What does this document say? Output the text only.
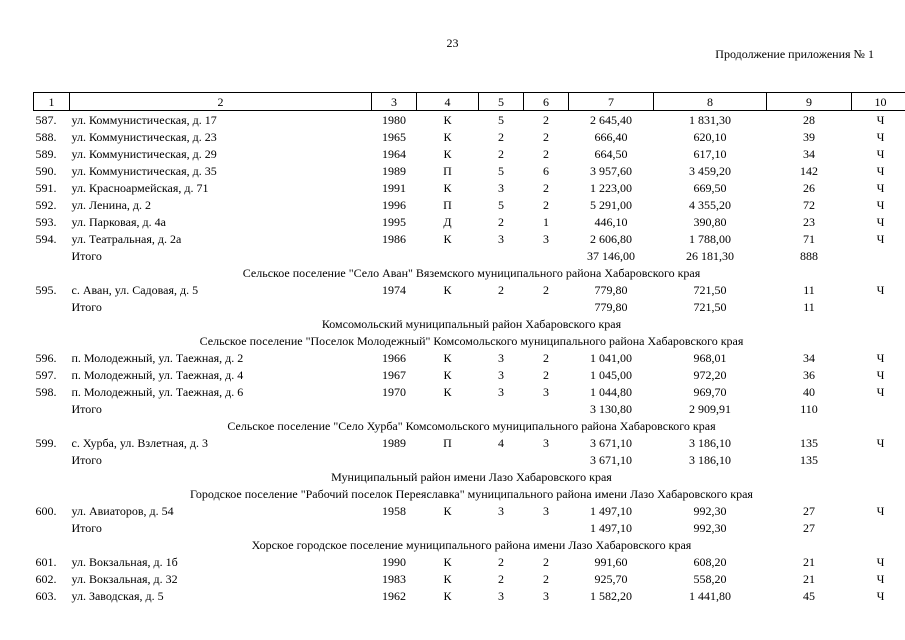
23
Продолжение приложения № 1
1	2	3	4	5	6	7	8	9	10
587.	ул. Коммунистическая, д. 17	1980	К	5	2	2 645,40	1 831,30	28	Ч
588.	ул. Коммунистическая, д. 23	1965	К	2	2	666,40	620,10	39	Ч
589.	ул. Коммунистическая, д. 29	1964	К	2	2	664,50	617,10	34	Ч
590.	ул. Коммунистическая, д. 35	1989	П	5	6	3 957,60	3 459,20	142	Ч
591.	ул. Красноармейская, д. 71	1991	К	3	2	1 223,00	669,50	26	Ч
592.	ул. Ленина, д. 2	1996	П	5	2	5 291,00	4 355,20	72	Ч
593.	ул. Парковая, д. 4а	1995	Д	2	1	446,10	390,80	23	Ч
594.	ул. Театральная, д. 2а	1986	К	3	3	2 606,80	1 788,00	71	Ч
	Итого					37 146,00	26 181,30	888	
Сельское поселение "Село Аван" Вяземского муниципального района Хабаровского края									
595.	с. Аван, ул. Садовая, д. 5	1974	К	2	2	779,80	721,50	11	Ч
	Итого					779,80	721,50	11	
Комсомольский муниципальный район Хабаровского края									
Сельское поселение "Поселок Молодежный" Комсомольского муниципального района Хабаровского края									
596.	п. Молодежный, ул. Таежная, д. 2	1966	К	3	2	1 041,00	968,01	34	Ч
597.	п. Молодежный, ул. Таежная, д. 4	1967	К	3	2	1 045,00	972,20	36	Ч
598.	п. Молодежный, ул. Таежная, д. 6	1970	К	3	3	1 044,80	969,70	40	Ч
	Итого					3 130,80	2 909,91	110	
Сельское поселение "Село Хурба" Комсомольского муниципального района Хабаровского края									
599.	с. Хурба, ул. Взлетная, д. 3	1989	П	4	3	3 671,10	3 186,10	135	Ч
	Итого					3 671,10	3 186,10	135	
Муниципальный район имени Лазо Хабаровского края									
Городское поселение "Рабочий поселок Переяславка" муниципального района имени Лазо Хабаровского края									
600.	ул. Авиаторов, д. 54	1958	К	3	3	1 497,10	992,30	27	Ч
	Итого					1 497,10	992,30	27	
Хорское городское поселение муниципального района имени Лазо Хабаровского края									
601.	ул. Вокзальная, д. 1б	1990	К	2	2	991,60	608,20	21	Ч
602.	ул. Вокзальная, д. 32	1983	К	2	2	925,70	558,20	21	Ч
603.	ул. Заводская, д. 5	1962	К	3	3	1 582,20	1 441,80	45	Ч
